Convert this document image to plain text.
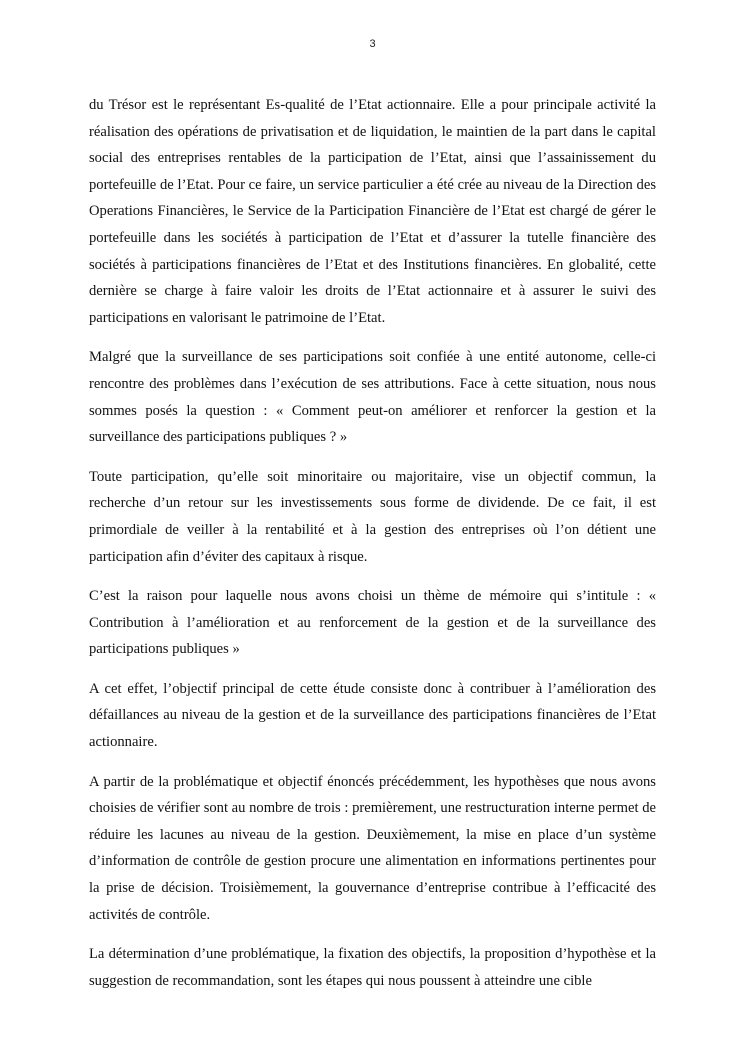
3

du Trésor est le représentant Es-qualité de l’Etat actionnaire. Elle a pour principale activité la réalisation des opérations de privatisation et de liquidation, le maintien de la part dans le capital social des entreprises rentables de la participation de l’Etat, ainsi que l’assainissement du portefeuille de l’Etat. Pour ce faire, un service particulier a été crée au niveau de la Direction des Operations Financières, le Service de la Participation Financière de l’Etat est chargé de gérer le portefeuille dans les sociétés à participation de l’Etat et d’assurer la tutelle financière des sociétés à participations financières de l’Etat et des Institutions financières. En globalité, cette dernière se charge à faire valoir les droits de l’Etat actionnaire et à assurer le suivi des participations en valorisant le patrimoine de l’Etat.

Malgré que la surveillance de ses participations soit confiée à une entité autonome, celle-ci rencontre des problèmes dans l’exécution de ses attributions. Face à cette situation, nous nous sommes posés la question : « Comment peut-on améliorer et renforcer la gestion et la surveillance des participations publiques ? »

Toute participation, qu’elle soit minoritaire ou majoritaire, vise un objectif commun, la recherche d’un retour sur les investissements sous forme de dividende. De ce fait, il est primordiale de veiller à la rentabilité et à la gestion des entreprises où l’on détient une participation afin d’éviter des capitaux à risque.

C’est la raison pour laquelle nous avons choisi un thème de mémoire qui s’intitule : « Contribution à l’amélioration et au renforcement de la gestion et de la surveillance des participations publiques »

A cet effet, l’objectif principal de cette étude consiste donc à contribuer à l’amélioration des défaillances au niveau de la gestion et de la surveillance des participations financières de l’Etat actionnaire.

A partir de la problématique et objectif énoncés précédemment, les hypothèses que nous avons choisies de vérifier sont au nombre de trois : premièrement, une restructuration interne permet de réduire les lacunes au niveau de la gestion. Deuxièmement, la mise en place d’un système d’information de contrôle de gestion procure une alimentation en informations pertinentes pour la prise de décision. Troisièmement, la gouvernance d’entreprise contribue à l’efficacité des activités de contrôle.

La détermination d’une problématique, la fixation des objectifs, la proposition d’hypothèse et la suggestion de recommandation, sont les étapes qui nous poussent à atteindre une cible
